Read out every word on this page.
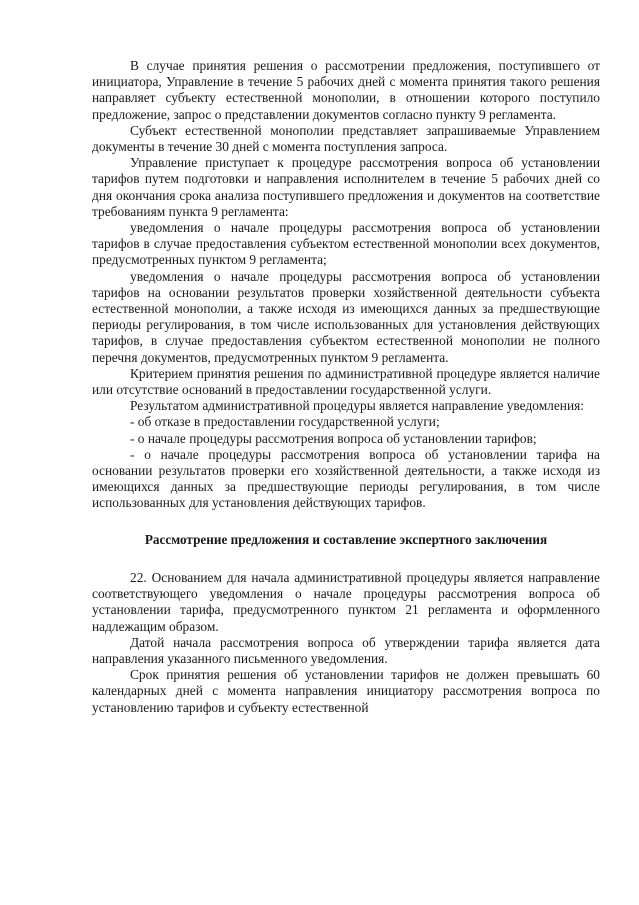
В случае принятия решения о рассмотрении предложения, поступившего от инициатора, Управление в течение 5 рабочих дней с момента принятия такого решения направляет субъекту естественной монополии, в отношении которого поступило предложение, запрос о представлении документов согласно пункту 9 регламента.

Субъект естественной монополии представляет запрашиваемые Управлением документы в течение 30 дней с момента поступления запроса.

Управление приступает к процедуре рассмотрения вопроса об установлении тарифов путем подготовки и направления исполнителем в течение 5 рабочих дней со дня окончания срока анализа поступившего предложения и документов на соответствие требованиям пункта 9 регламента:

уведомления о начале процедуры рассмотрения вопроса об установлении тарифов в случае предоставления субъектом естественной монополии всех документов, предусмотренных пунктом 9 регламента;

уведомления о начале процедуры рассмотрения вопроса об установлении тарифов на основании результатов проверки хозяйственной деятельности субъекта естественной монополии, а также исходя из имеющихся данных за предшествующие периоды регулирования, в том числе использованных для установления действующих тарифов, в случае предоставления субъектом естественной монополии не полного перечня документов, предусмотренных пунктом 9 регламента.

Критерием принятия решения по административной процедуре является наличие или отсутствие оснований в предоставлении государственной услуги.

Результатом административной процедуры является направление уведомления:

- об отказе в предоставлении государственной услуги;

- о начале процедуры рассмотрения вопроса об установлении тарифов;

- о начале процедуры рассмотрения вопроса об установлении тарифа на основании результатов проверки его хозяйственной деятельности, а также исходя из имеющихся данных за предшествующие периоды регулирования, в том числе использованных для установления действующих тарифов.

Рассмотрение предложения и составление экспертного заключения

22. Основанием для начала административной процедуры является направление соответствующего уведомления о начале процедуры рассмотрения вопроса об установлении тарифа, предусмотренного пунктом 21 регламента и оформленного надлежащим образом.

Датой начала рассмотрения вопроса об утверждении тарифа является дата направления указанного письменного уведомления.

Срок принятия решения об установлении тарифов не должен превышать 60 календарных дней с момента направления инициатору рассмотрения вопроса по установлению тарифов и субъекту естественной
